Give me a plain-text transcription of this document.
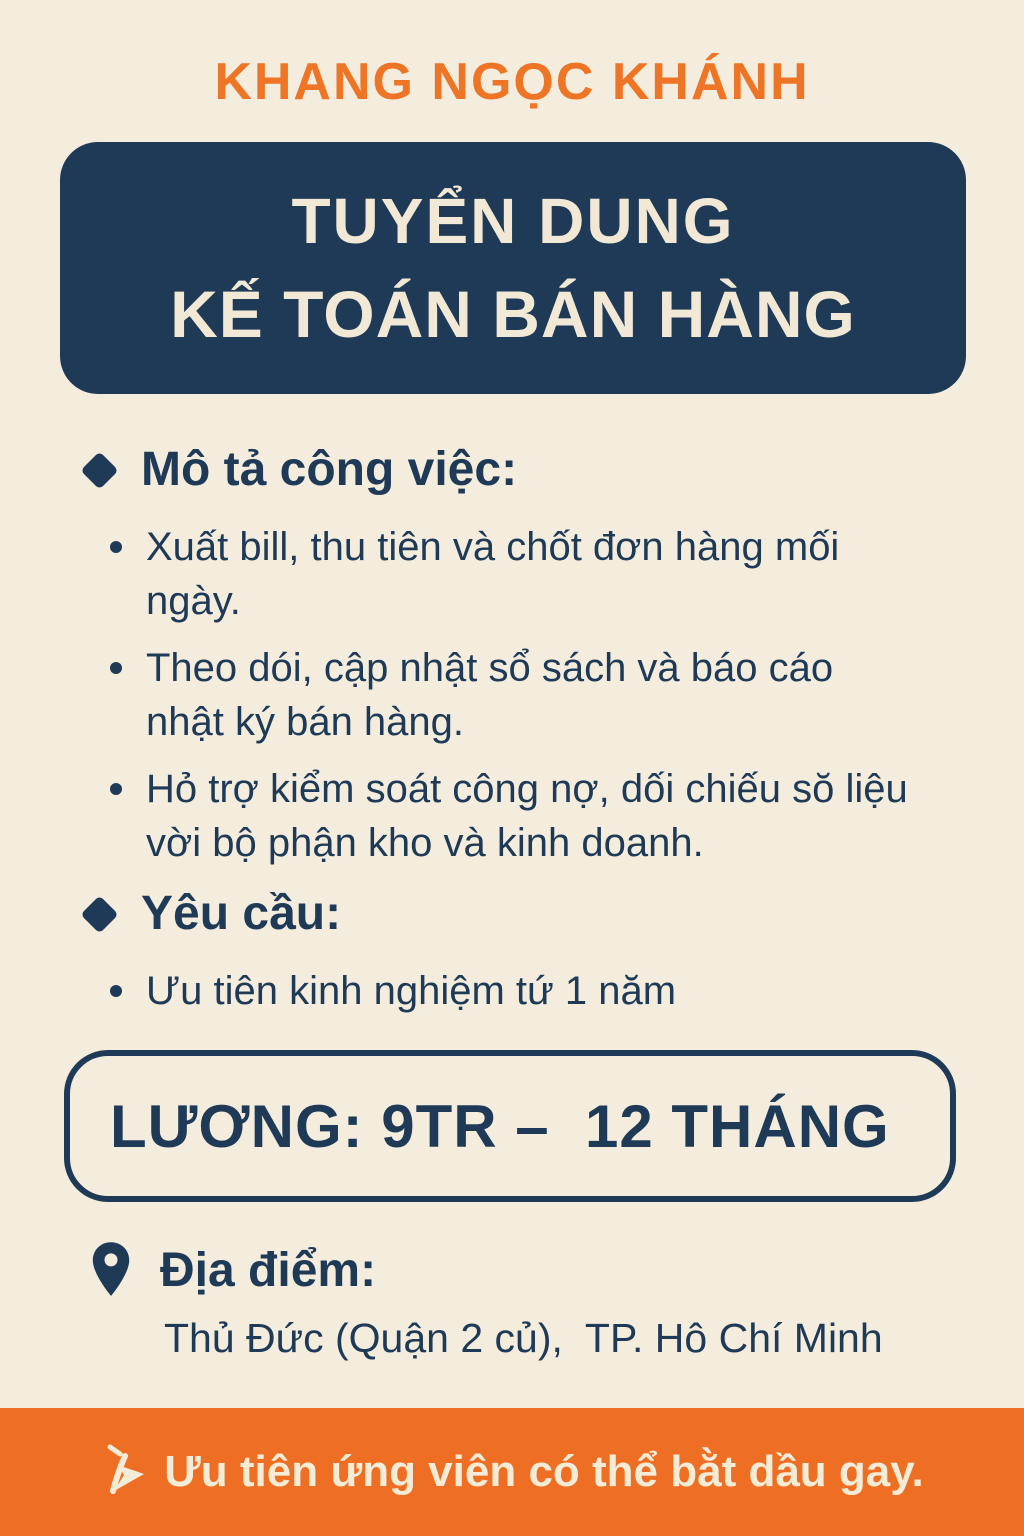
KHANG NGỌC KHÁNH
TUYỂN DUNG
KẾ TOÁN BÁN HÀNG
Mô tả công việc:
Xuất bill, thu tiên và chốt đơn hàng mối ngày.
Theo dói, cập nhật sổ sách và báo cáo nhật ký bán hàng.
Hỏ trợ kiểm soát công nợ, dối chiếu sŏ liệu vời bộ phận kho và kinh doanh.
Yêu cầu:
Ưu tiên kinh nghiệm tứ 1 năm
LƯƠNG: 9TR –  12 THÁNG
Địa điểm:
Thủ Đức (Quận 2 củ),  TP. Hô Chí Minh
Ưu tiên ứng viên có thể bằt dầu gay.
